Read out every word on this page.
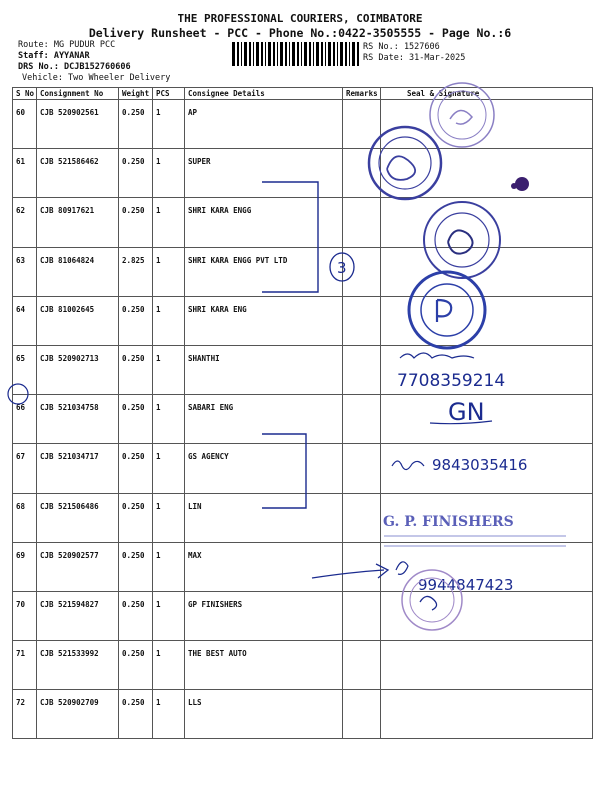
THE PROFESSIONAL COURIERS, COIMBATORE
Delivery Runsheet - PCC - Phone No.:0422-3505555 - Page No.:6
Route: MG PUDUR PCC
Staff: AYYANAR
DRS No.: DCJB152760606
Vehicle: Two Wheeler Delivery
RS No.: 1527606
RS Date: 31-Mar-2025
S No	Consignment No	Weight	PCS	Consignee Details	Remarks	Seal & Signature
60	CJB 520902561	0.250	1	AP		
61	CJB 521586462	0.250	1	SUPER		
62	CJB 80917621	0.250	1	SHRI KARA ENGG		
63	CJB 81064824	2.825	1	SHRI KARA ENGG PVT LTD		
64	CJB 81002645	0.250	1	SHRI KARA ENG		
65	CJB 520902713	0.250	1	SHANTHI		
66	CJB 521034758	0.250	1	SABARI ENG		
67	CJB 521034717	0.250	1	GS AGENCY		
68	CJB 521506486	0.250	1	LIN		
69	CJB 520902577	0.250	1	MAX		
70	CJB 521594827	0.250	1	GP FINISHERS		
71	CJB 521533992	0.250	1	THE BEST AUTO		
72	CJB 520902709	0.250	1	LLS		
3
7708359214
GN
9843035416
G. P. FINISHERS
9944847423
